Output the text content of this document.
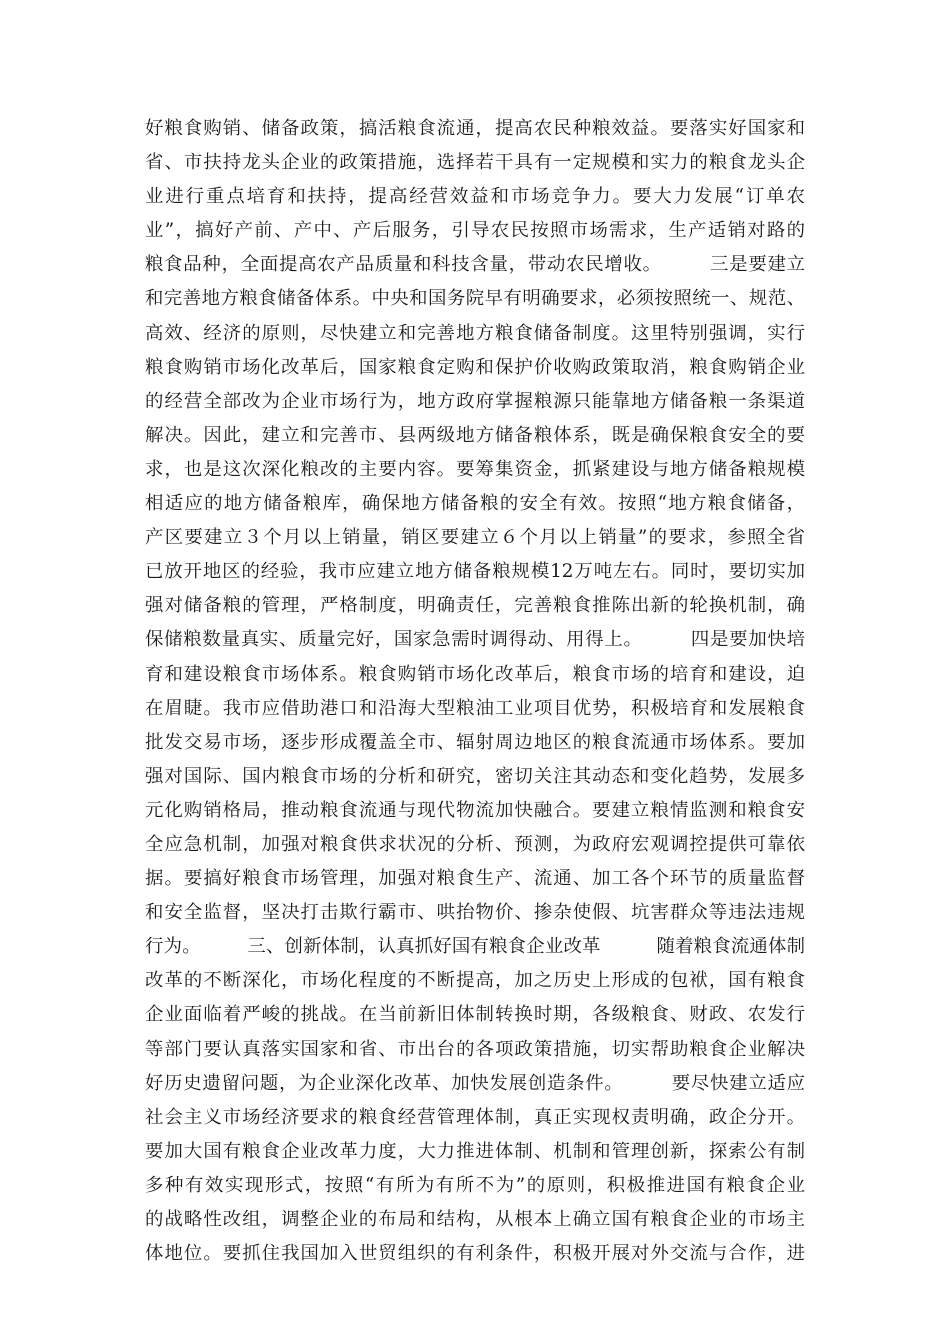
好粮食购销、储备政策，搞活粮食流通，提高农民种粮效益。要落实好国家和
省、市扶持龙头企业的政策措施，选择若干具有一定规模和实力的粮食龙头企
业进行重点培育和扶持，提高经营效益和市场竞争力。要大力发展“订单农
业”，搞好产前、产中、产后服务，引导农民按照市场需求，生产适销对路的
粮食品种，全面提高农产品质量和科技含量，带动农民增收。　　　三是要建立
和完善地方粮食储备体系。中央和国务院早有明确要求，必须按照统一、规范、
高效、经济的原则，尽快建立和完善地方粮食储备制度。这里特别强调，实行
粮食购销市场化改革后，国家粮食定购和保护价收购政策取消，粮食购销企业
的经营全部改为企业市场行为，地方政府掌握粮源只能靠地方储备粮一条渠道
解决。因此，建立和完善市、县两级地方储备粮体系，既是确保粮食安全的要
求，也是这次深化粮改的主要内容。要筹集资金，抓紧建设与地方储备粮规模
相适应的地方储备粮库，确保地方储备粮的安全有效。按照“地方粮食储备，
产区要建立３个月以上销量，销区要建立６个月以上销量”的要求，参照全省
已放开地区的经验，我市应建立地方储备粮规模12万吨左右。同时，要切实加
强对储备粮的管理，严格制度，明确责任，完善粮食推陈出新的轮换机制，确
保储粮数量真实、质量完好，国家急需时调得动、用得上。　　　四是要加快培
育和建设粮食市场体系。粮食购销市场化改革后，粮食市场的培育和建设，迫
在眉睫。我市应借助港口和沿海大型粮油工业项目优势，积极培育和发展粮食
批发交易市场，逐步形成覆盖全市、辐射周边地区的粮食流通市场体系。要加
强对国际、国内粮食市场的分析和研究，密切关注其动态和变化趋势，发展多
元化购销格局，推动粮食流通与现代物流加快融合。要建立粮情监测和粮食安
全应急机制，加强对粮食供求状况的分析、预测，为政府宏观调控提供可靠依
据。要搞好粮食市场管理，加强对粮食生产、流通、加工各个环节的质量监督
和安全监督，坚决打击欺行霸市、哄抬物价、掺杂使假、坑害群众等违法违规
行为。　　　三、创新体制，认真抓好国有粮食企业改革　　　随着粮食流通体制
改革的不断深化，市场化程度的不断提高，加之历史上形成的包袱，国有粮食
企业面临着严峻的挑战。在当前新旧体制转换时期，各级粮食、财政、农发行
等部门要认真落实国家和省、市出台的各项政策措施，切实帮助粮食企业解决
好历史遗留问题，为企业深化改革、加快发展创造条件。　　　要尽快建立适应
社会主义市场经济要求的粮食经营管理体制，真正实现权责明确，政企分开。
要加大国有粮食企业改革力度，大力推进体制、机制和管理创新，探索公有制
多种有效实现形式，按照“有所为有所不为”的原则，积极推进国有粮食企业
的战略性改组，调整企业的布局和结构，从根本上确立国有粮食企业的市场主
体地位。要抓住我国加入世贸组织的有利条件，积极开展对外交流与合作，进
